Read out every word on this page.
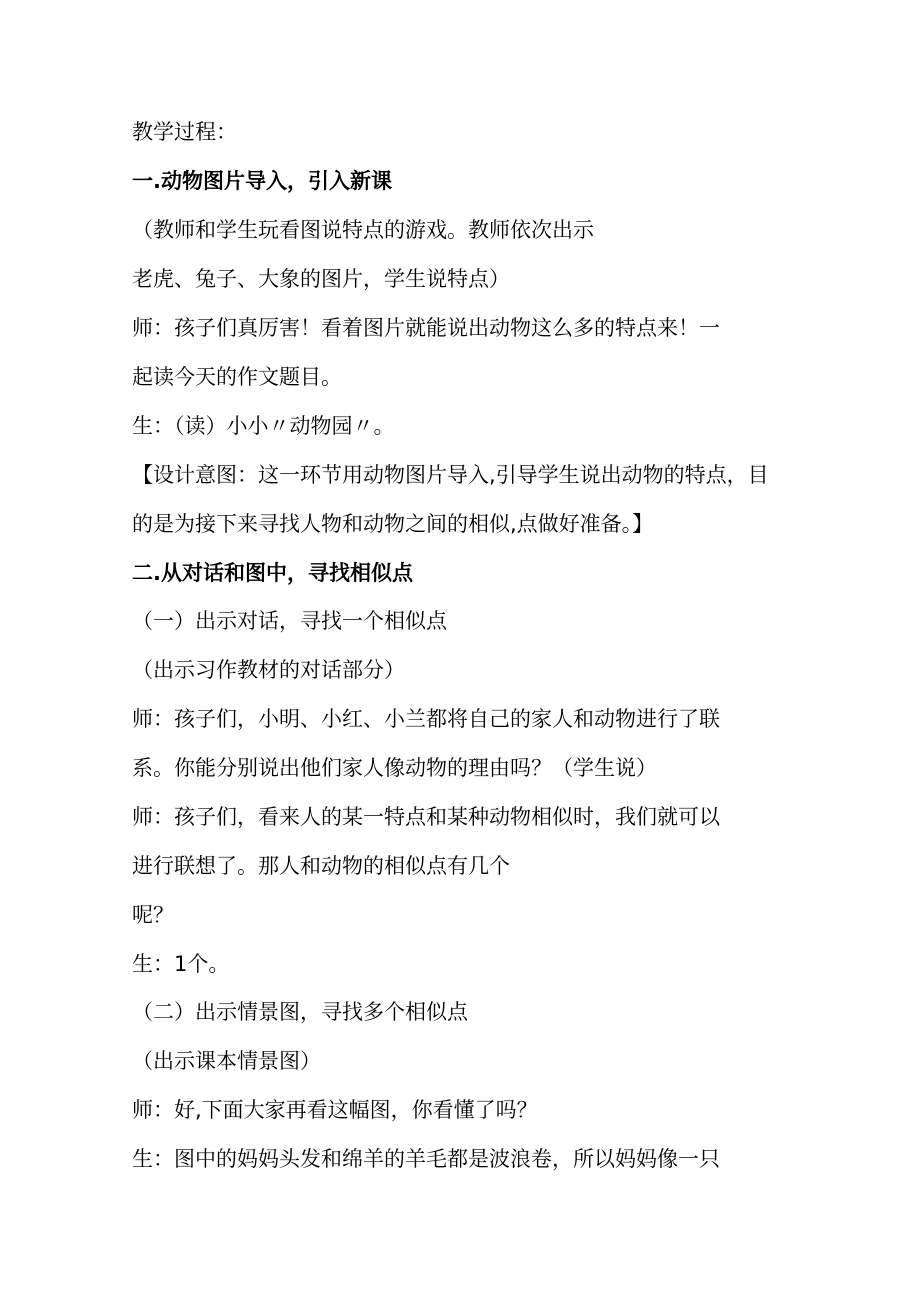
教学过程：
一.动物图片导入，引入新课
（教师和学生玩看图说特点的游戏。教师依次出示
老虎、兔子、大象的图片，学生说特点）
师：孩子们真厉害！看着图片就能说出动物这么多的特点来！一
起读今天的作文题目。
生：（读）小小〃动物园〃。
【设计意图：这一环节用动物图片导入,引导学生说出动物的特点，目
的是为接下来寻找人物和动物之间的相似,点做好准备。】
二.从对话和图中，寻找相似点
（一）出示对话，寻找一个相似点
（出示习作教材的对话部分）
师：孩子们，小明、小红、小兰都将自己的家人和动物进行了联
系。你能分别说出他们家人像动物的理由吗？（学生说）
师：孩子们，看来人的某一特点和某种动物相似时，我们就可以
进行联想了。那人和动物的相似点有几个
呢？
生：1个。
（二）出示情景图，寻找多个相似点
（出示课本情景图）
师：好,下面大家再看这幅图，你看懂了吗？
生：图中的妈妈头发和绵羊的羊毛都是波浪卷，所以妈妈像一只
